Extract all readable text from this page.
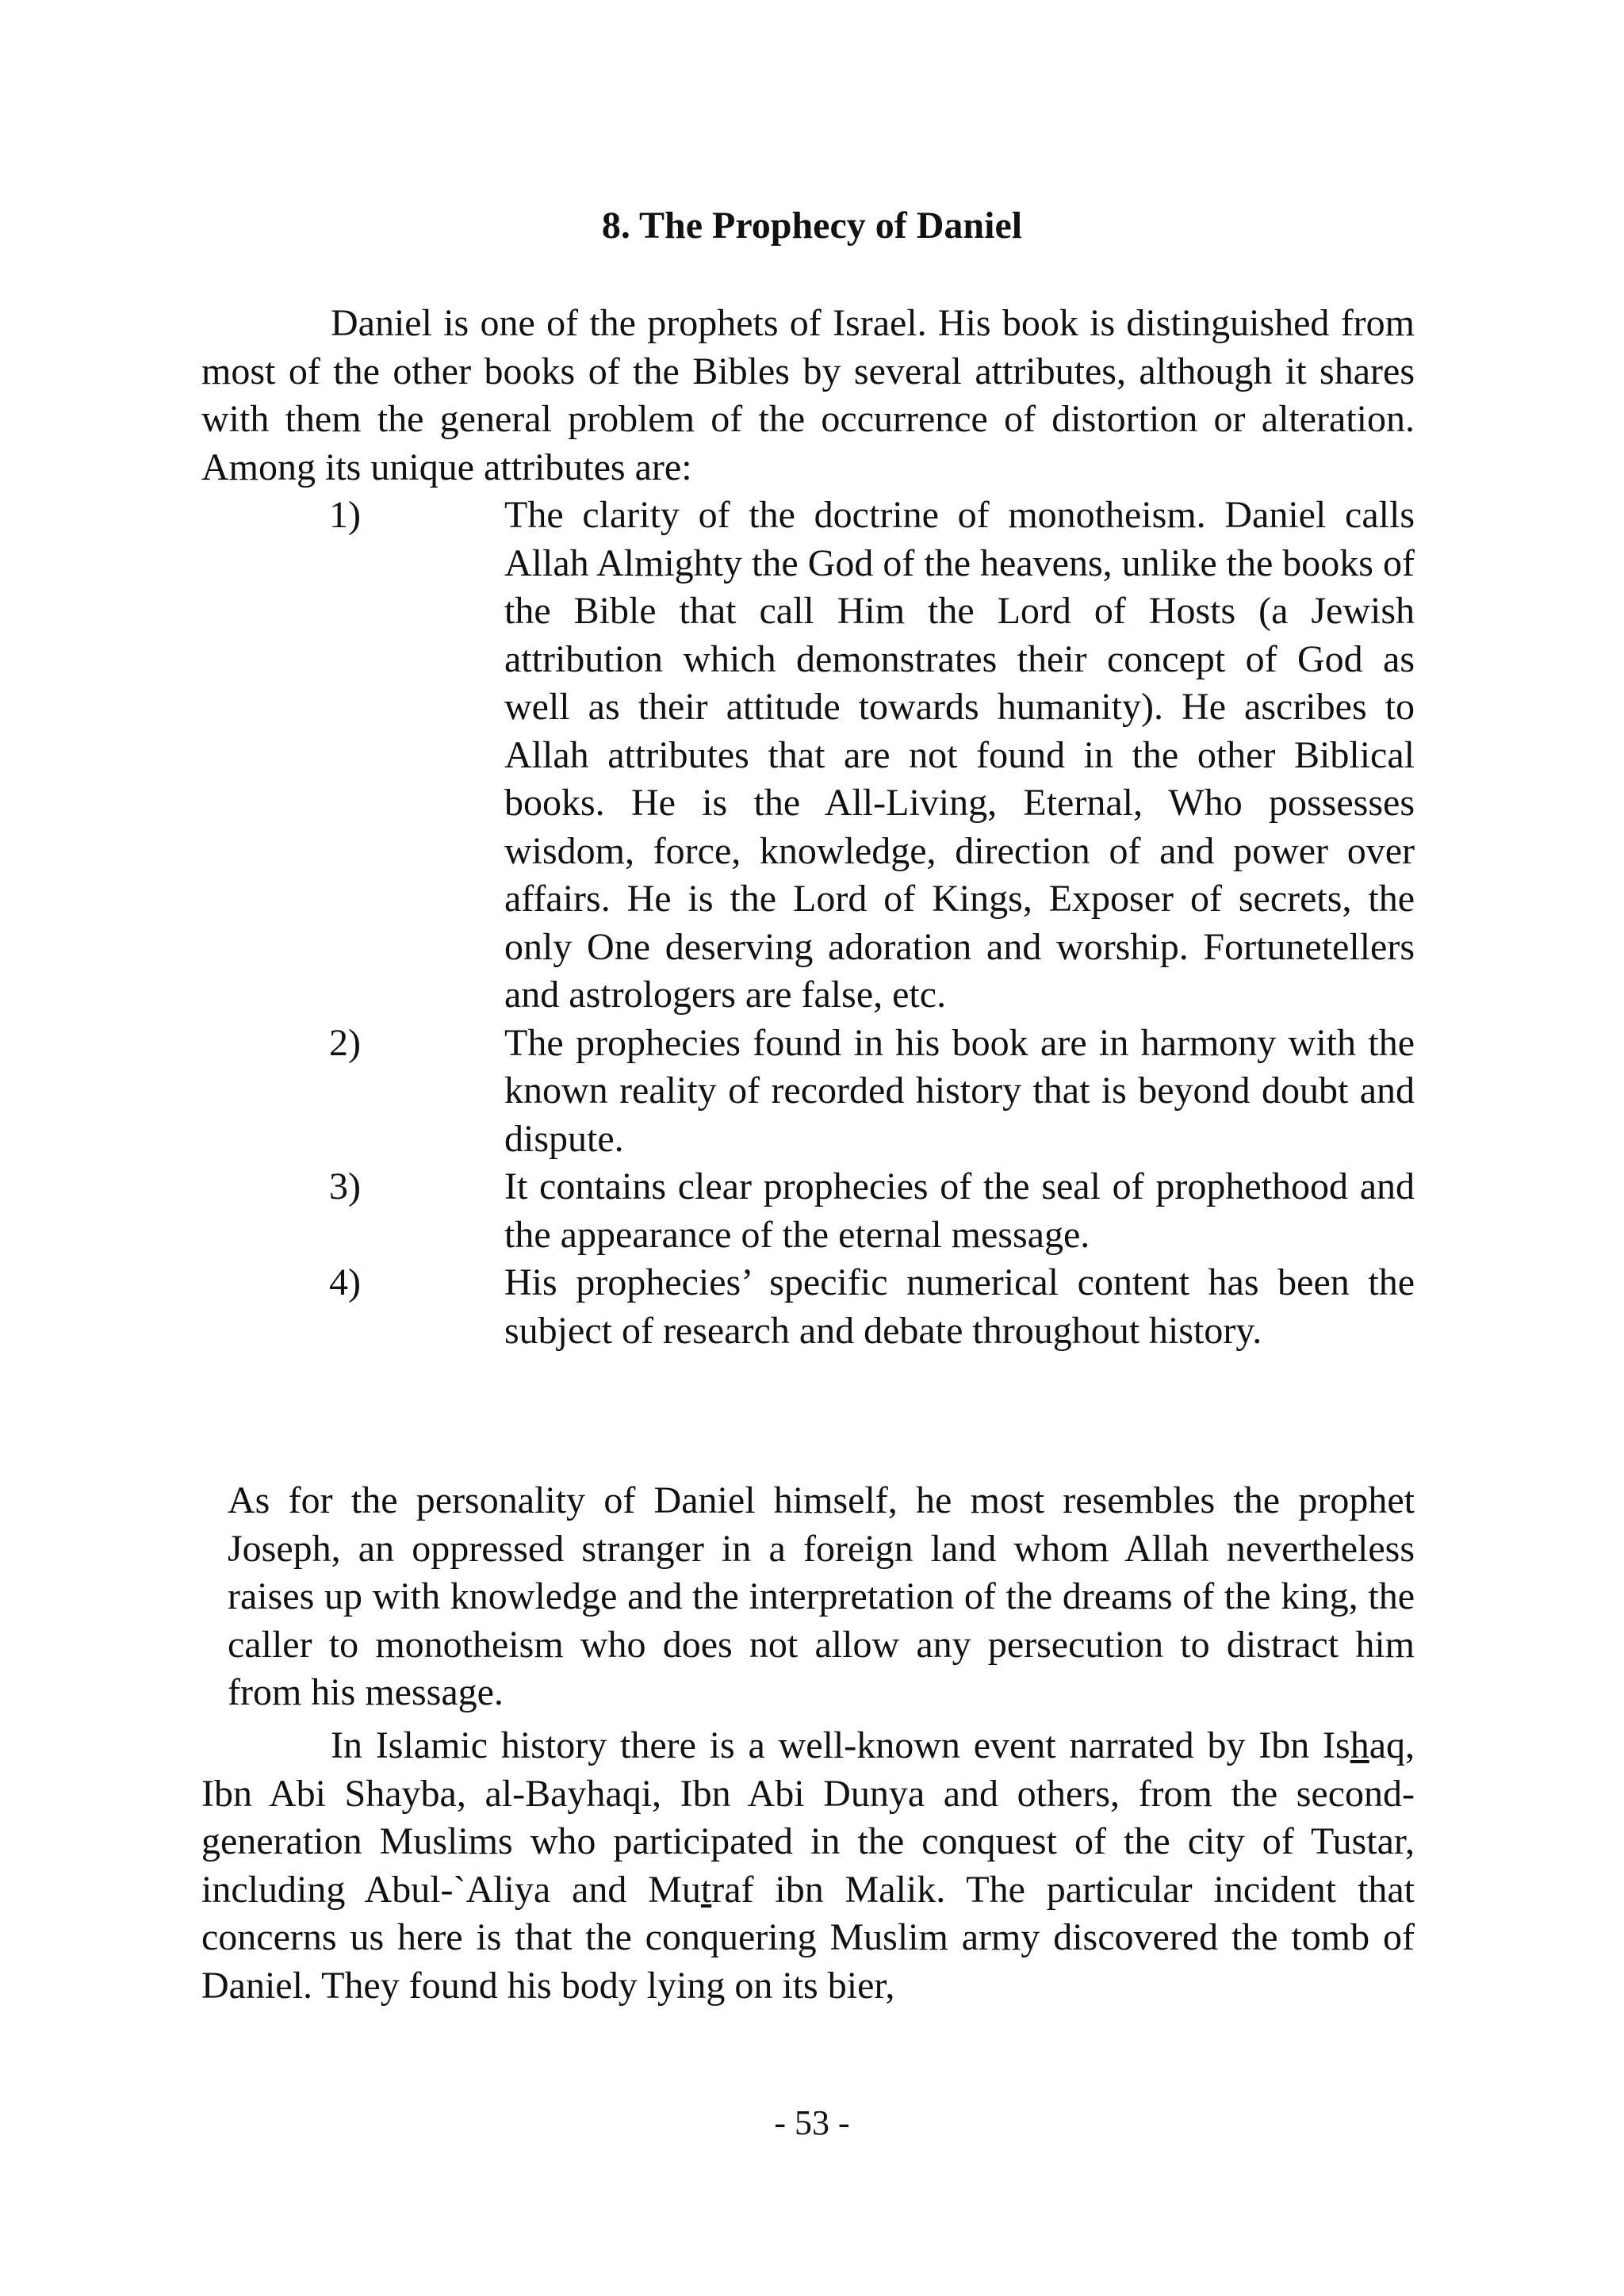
8. The Prophecy of Daniel

Daniel is one of the prophets of Israel. His book is distinguished from most of the other books of the Bibles by several attributes, although it shares with them the general problem of the occurrence of distortion or alteration. Among its unique attributes are:

1)	The clarity of the doctrine of monotheism. Daniel calls Allah Almighty the God of the heavens, unlike the books of the Bible that call Him the Lord of Hosts (a Jewish attribution which demonstrates their concept of God as well as their attitude towards humanity). He ascribes to Allah attributes that are not found in the other Biblical books. He is the All-Living, Eternal, Who possesses wisdom, force, knowledge, direction of and power over affairs. He is the Lord of Kings, Exposer of secrets, the only One deserving adoration and worship. Fortunetellers and astrologers are false, etc.
2)	The prophecies found in his book are in harmony with the known reality of recorded history that is beyond doubt and dispute.
3)	It contains clear prophecies of the seal of prophethood and the appearance of the eternal message.
4)	His prophecies’ specific numerical content has been the subject of research and debate throughout history.

As for the personality of Daniel himself, he most resembles the prophet Joseph, an oppressed stranger in a foreign land whom Allah nevertheless raises up with knowledge and the interpretation of the dreams of the king, the caller to monotheism who does not allow any persecution to distract him from his message.

In Islamic history there is a well-known event narrated by Ibn Ishaq, Ibn Abi Shayba, al-Bayhaqi, Ibn Abi Dunya and others, from the second-generation Muslims who participated in the conquest of the city of Tustar, including Abul-`Aliya and Mutraf ibn Malik. The particular incident that concerns us here is that the conquering Muslim army discovered the tomb of Daniel. They found his body lying on its bier,

- 53 -
